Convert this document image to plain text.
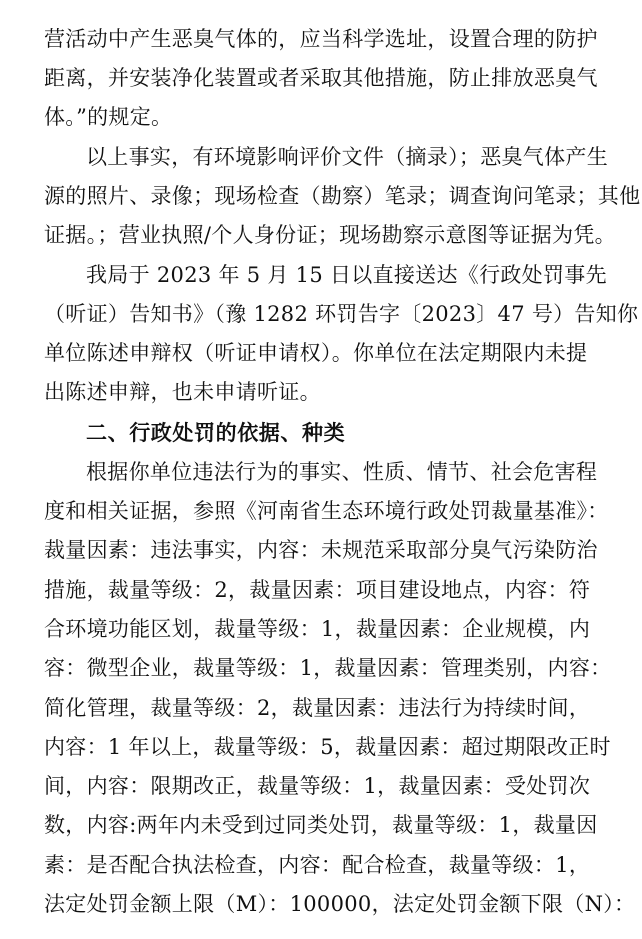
营活动中产生恶臭气体的，应当科学选址，设置合理的防护
距离，并安装净化装置或者采取其他措施，防止排放恶臭气
体。”的规定。
以上事实，有环境影响评价文件（摘录）；恶臭气体产生
源的照片、录像；现场检查（勘察）笔录；调查询问笔录；其他
证据。；营业执照/个人身份证；现场勘察示意图等证据为凭。
我局于 2023 年 5 月 15 日以直接送达《行政处罚事先
（听证）告知书》（豫 1282 环罚告字〔2023〕47 号）告知你
单位陈述申辩权（听证申请权）。你单位在法定期限内未提
出陈述申辩，也未申请听证。
二、行政处罚的依据、种类
根据你单位违法行为的事实、性质、情节、社会危害程
度和相关证据，参照《河南省生态环境行政处罚裁量基准》：
裁量因素：违法事实，内容：未规范采取部分臭气污染防治
措施，裁量等级：2，裁量因素：项目建设地点，内容：符
合环境功能区划，裁量等级：1，裁量因素：企业规模，内
容：微型企业，裁量等级：1，裁量因素：管理类别，内容：
简化管理，裁量等级：2，裁量因素：违法行为持续时间，
内容：1 年以上，裁量等级：5，裁量因素：超过期限改正时
间，内容：限期改正，裁量等级：1，裁量因素：受处罚次
数，内容:两年内未受到过同类处罚，裁量等级：1，裁量因
素：是否配合执法检查，内容：配合检查，裁量等级：1，
法定处罚金额上限（M）：100000，法定处罚金额下限（N）：
